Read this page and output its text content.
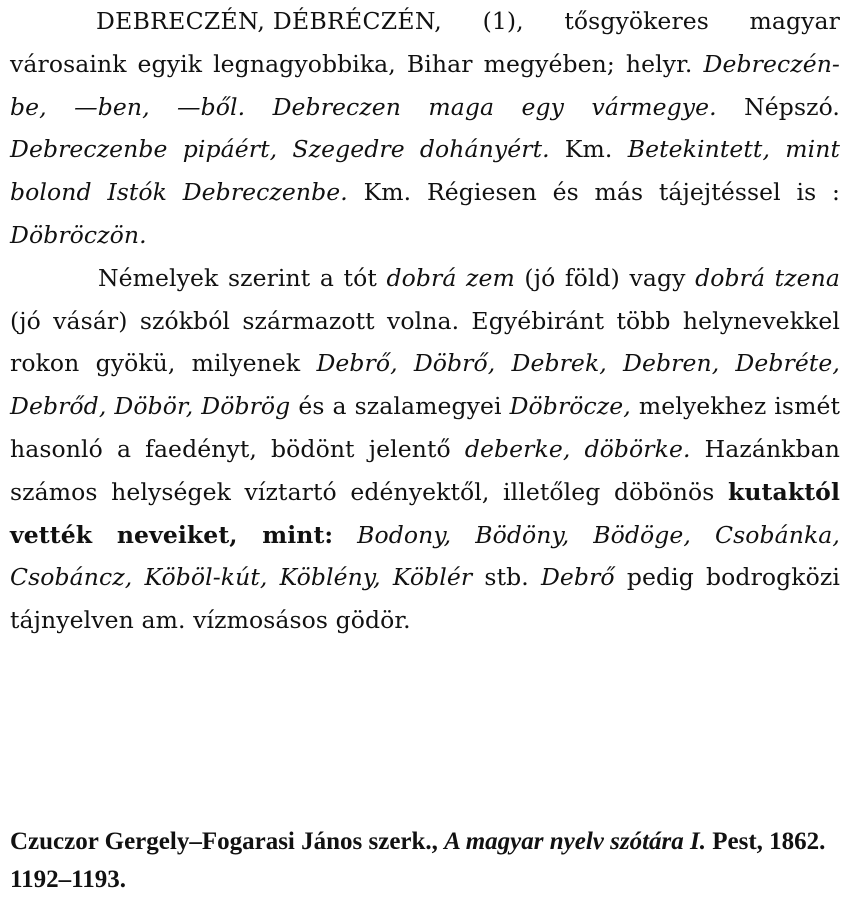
DEBRECZÉN, DÉBRÉCZÉN, (1), tősgyökeres magyar városaink egyik legnagyobbika, Bihar megyében; helyr. Debreczén-be, —ben, —ből. Debreczen maga egy vármegye. Népszó. Debreczenbe pipáért, Szegedre dohányért. Km. Betekintett, mint bolond Istók Debreczenbe. Km. Régiesen és más tájejtéssel is : Döbröczön.

Némelyek szerint a tót dobrá zem (jó föld) vagy dobrá tzena (jó vásár) szókból származott volna. Egyébiránt több helynevekkel rokon gyökü, milyenek Debrő, Döbrő, Debrek, Debren, Debréte, Debrőd, Döbör, Döbrög és a szalamegyei Döbröcze, melyekhez ismét hasonló a faedényt, bödönt jelentő deberke, döbörke. Hazánkban számos helységek víztartó edényektől, illetőleg döbönös kutaktól vették neveiket, mint: Bodony, Bödöny, Bödöge, Csobánka, Csobáncz, Köböl-kút, Köblény, Köblér stb. Debrő pedig bodrogközi tájnyelven am. vízmosásos gödör.

Czuczor Gergely–Fogarasi János szerk., A magyar nyelv szótára I. Pest, 1862. 1192–1193.
